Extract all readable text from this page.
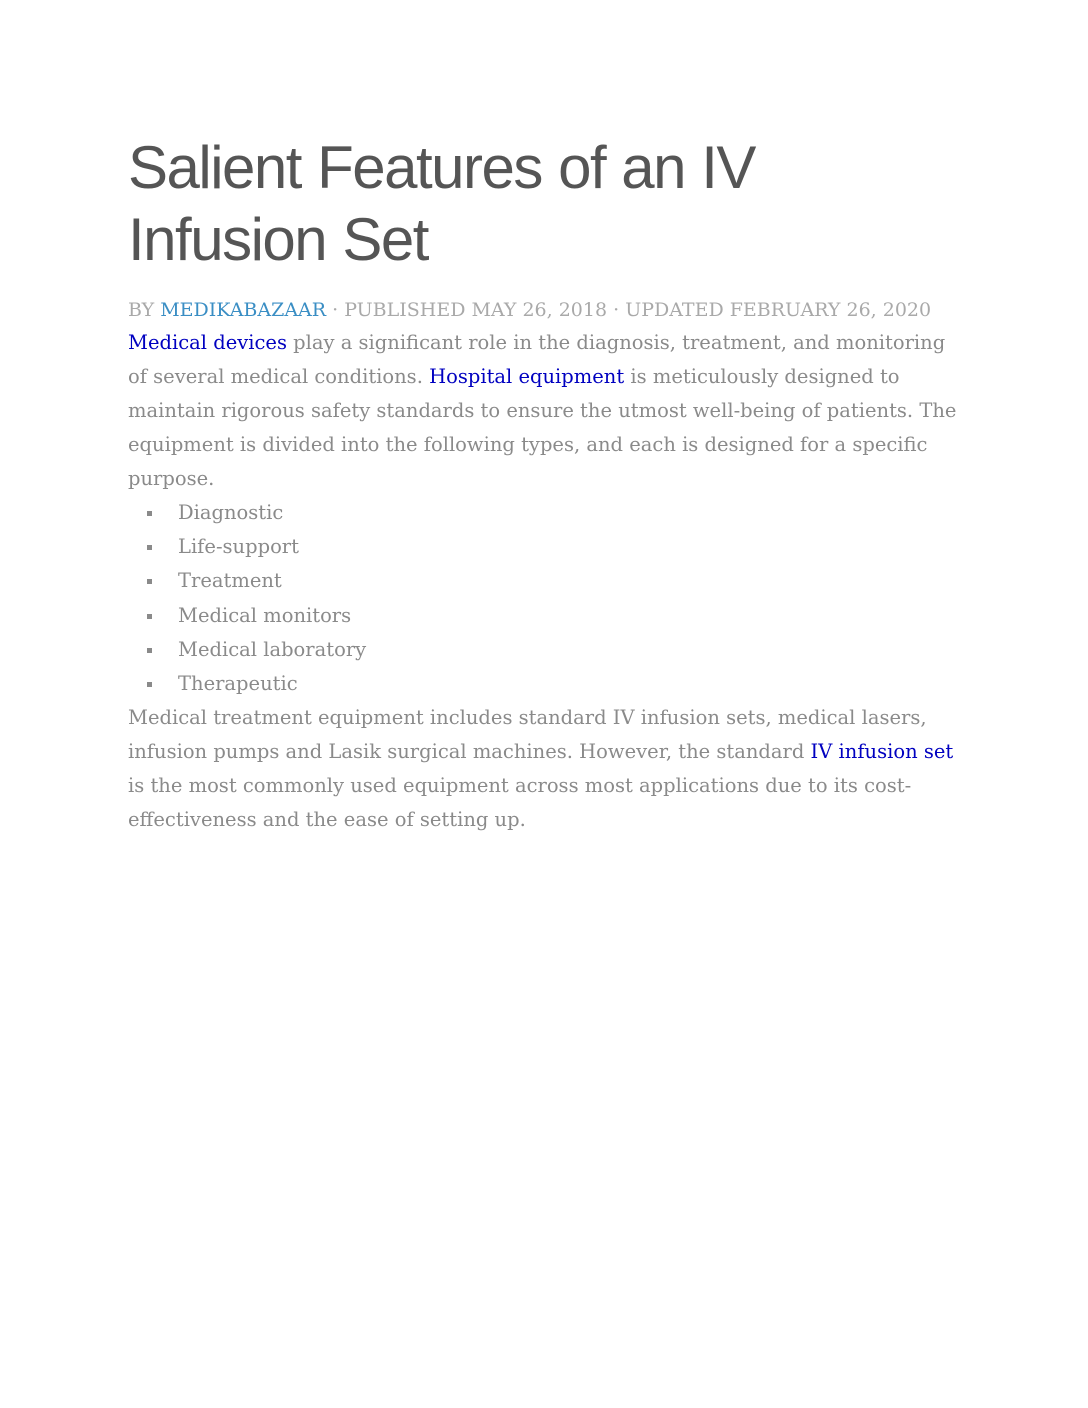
Salient Features of an IV Infusion Set
BY MEDIKABAZAAR · PUBLISHED MAY 26, 2018 · UPDATED FEBRUARY 26, 2020

Medical devices play a significant role in the diagnosis, treatment, and monitoring of several medical conditions. Hospital equipment is meticulously designed to maintain rigorous safety standards to ensure the utmost well-being of patients. The equipment is divided into the following types, and each is designed for a specific purpose.

Diagnostic
Life-support
Treatment
Medical monitors
Medical laboratory
Therapeutic

Medical treatment equipment includes standard IV infusion sets, medical lasers, infusion pumps and Lasik surgical machines. However, the standard IV infusion set is the most commonly used equipment across most applications due to its cost-effectiveness and the ease of setting up.
